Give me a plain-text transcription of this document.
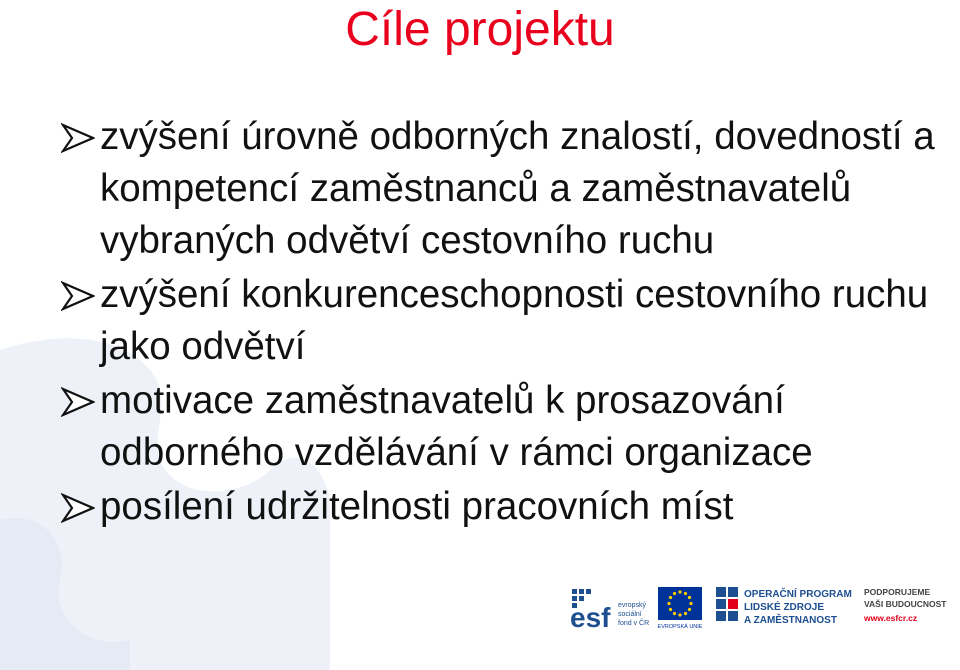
Cíle projektu
zvýšení úrovně odborných znalostí, dovedností a kompetencí zaměstnanců a zaměstnavatelů vybraných odvětví cestovního ruchu
zvýšení konkurenceschopnosti cestovního ruchu jako odvětví
motivace zaměstnavatelů k prosazování odborného vzdělávání v rámci organizace
posílení udržitelnosti pracovních míst
esf evropský
sociální
fond v ČR EVROPSKÁ UNIE
OPERAČNÍ PROGRAM
LIDSKÉ ZDROJE
A ZAMĚSTNANOST
PODPORUJEME
VAŠI BUDOUCNOST
www.esfcr.cz
